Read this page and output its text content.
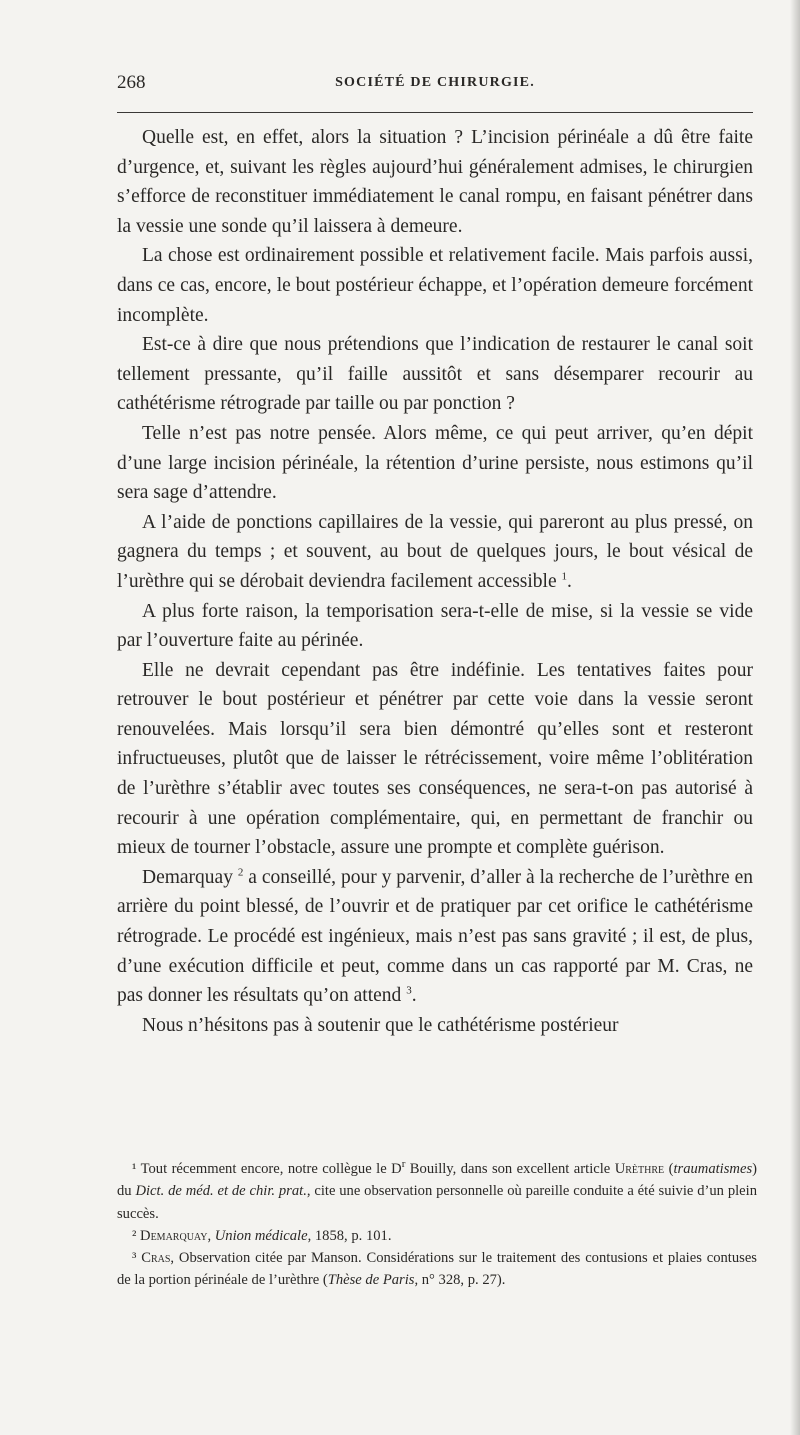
268	SOCIÉTÉ DE CHIRURGIE.

Quelle est, en effet, alors la situation ? L’incision périnéale a dû être faite d’urgence, et, suivant les règles aujourd’hui généralement admises, le chirurgien s’efforce de reconstituer immédiatement le canal rompu, en faisant pénétrer dans la vessie une sonde qu’il laissera à demeure.

La chose est ordinairement possible et relativement facile. Mais parfois aussi, dans ce cas, encore, le bout postérieur échappe, et l’opération demeure forcément incomplète.

Est-ce à dire que nous prétendions que l’indication de restaurer le canal soit tellement pressante, qu’il faille aussitôt et sans désemparer recourir au cathétérisme rétrograde par taille ou par ponction ?

Telle n’est pas notre pensée. Alors même, ce qui peut arriver, qu’en dépit d’une large incision périnéale, la rétention d’urine persiste, nous estimons qu’il sera sage d’attendre.

A l’aide de ponctions capillaires de la vessie, qui pareront au plus pressé, on gagnera du temps ; et souvent, au bout de quelques jours, le bout vésical de l’urèthre qui se dérobait deviendra facilement accessible $^1$.

A plus forte raison, la temporisation sera-t-elle de mise, si la vessie se vide par l’ouverture faite au périnée.

Elle ne devrait cependant pas être indéfinie. Les tentatives faites pour retrouver le bout postérieur et pénétrer par cette voie dans la vessie seront renouvelées. Mais lorsqu’il sera bien démontré qu’elles sont et resteront infructueuses, plutôt que de laisser le rétrécissement, voire même l’oblitération de l’urèthre s’établir avec toutes ses conséquences, ne sera-t-on pas autorisé à recourir à une opération complémentaire, qui, en permettant de franchir ou mieux de tourner l’obstacle, assure une prompte et complète guérison.

Demarquay $^2$ a conseillé, pour y parvenir, d’aller à la recherche de l’urèthre en arrière du point blessé, de l’ouvrir et de pratiquer par cet orifice le cathétérisme rétrograde. Le procédé est ingénieux, mais n’est pas sans gravité ; il est, de plus, d’une exécution difficile et peut, comme dans un cas rapporté par M. Cras, ne pas donner les résultats qu’on attend $^3$.

Nous n’hésitons pas à soutenir que le cathétérisme postérieur

¹ Tout récemment encore, notre collègue le $D^r$ Bouilly, dans son excellent article Urèthre (traumatismes) du Dict. de méd. et de chir. prat., cite une observation personnelle où pareille conduite a été suivie d’un plein succès.

² Demarquay, Union médicale, 1858, p. 101.

³ Cras, Observation citée par Manson. Considérations sur le traitement des contusions et plaies contuses de la portion périnéale de l’urèthre (Thèse de Paris, n° 328, p. 27).
